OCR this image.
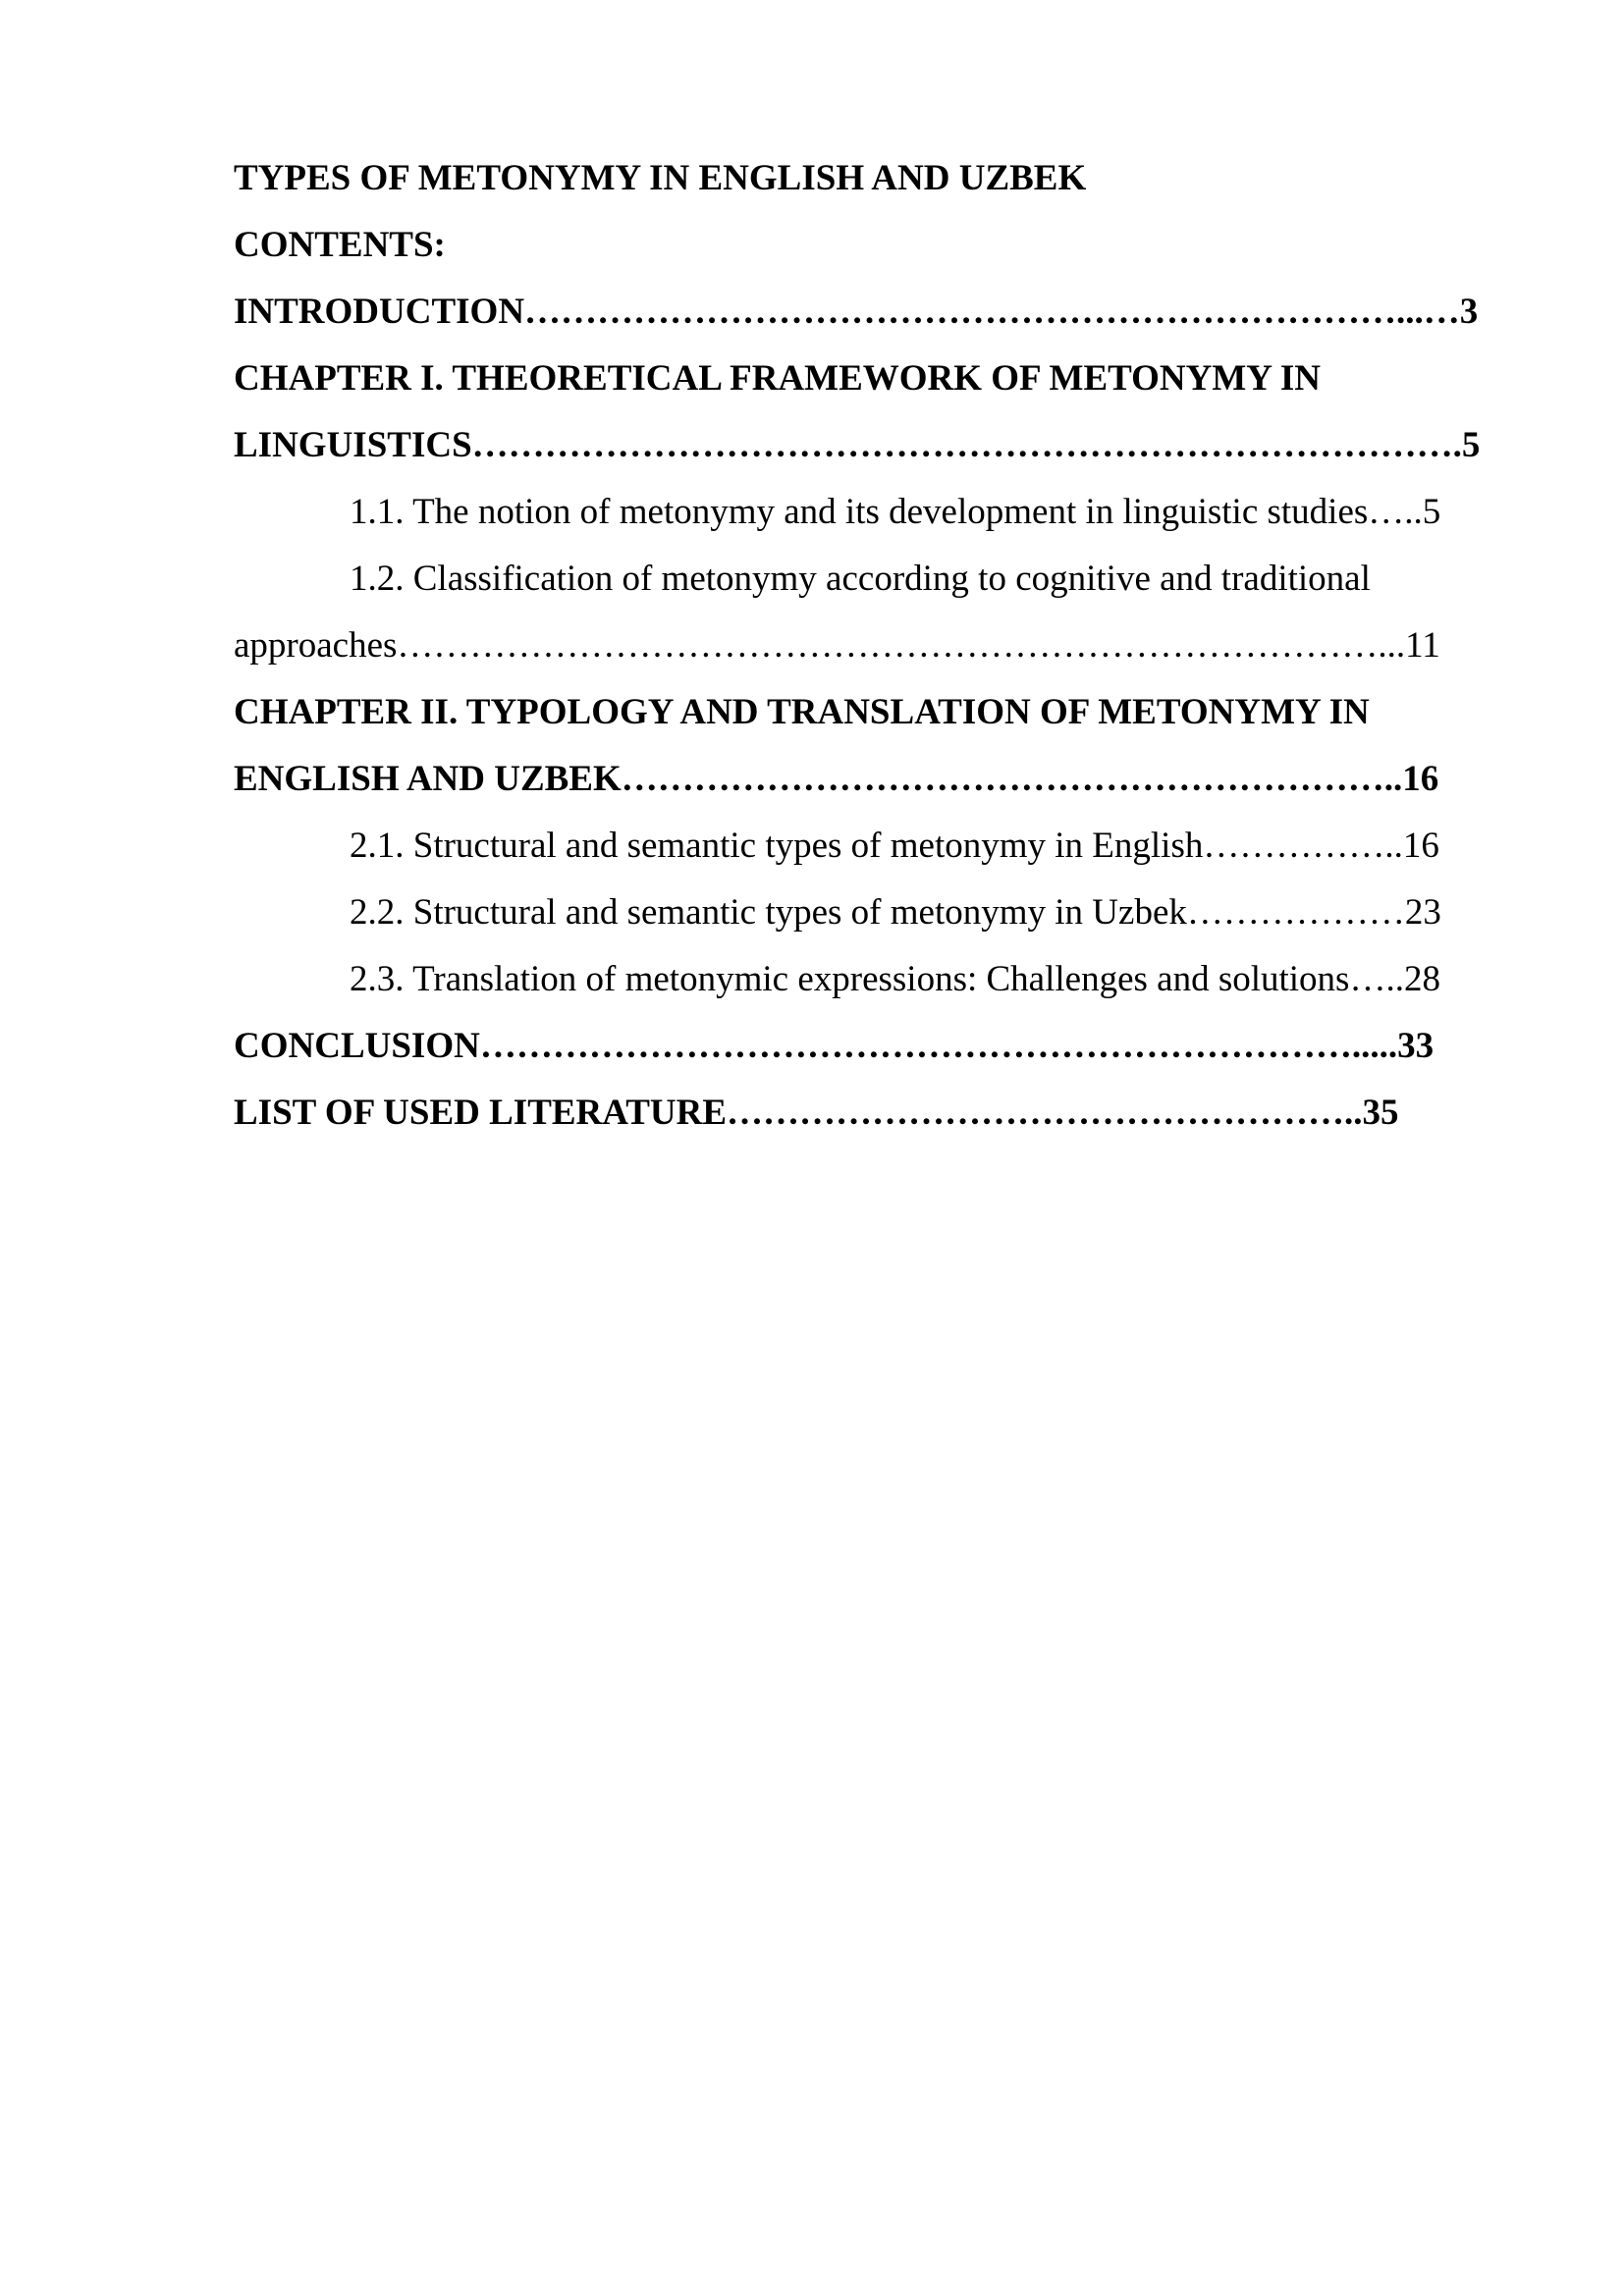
TYPES OF METONYMY IN ENGLISH AND UZBEK
CONTENTS:
INTRODUCTION………………………………………………………………...…3
CHAPTER I. THEORETICAL FRAMEWORK OF METONYMY IN
LINGUISTICS……………………………………………………………………….5
1.1. The notion of metonymy and its development in linguistic studies…..5
1.2. Classification of metonymy according to cognitive and traditional
approaches………………………………………………………………………...11
CHAPTER II. TYPOLOGY AND TRANSLATION OF METONYMY IN
ENGLISH AND UZBEK………………………………………………………..16
2.1. Structural and semantic types of metonymy in English……………..16
2.2. Structural and semantic types of metonymy in Uzbek………………23
2.3. Translation of metonymic expressions: Challenges and solutions…..28
CONCLUSION……………………………………………………………….....33
LIST OF USED LITERATURE……………………………………………..35
